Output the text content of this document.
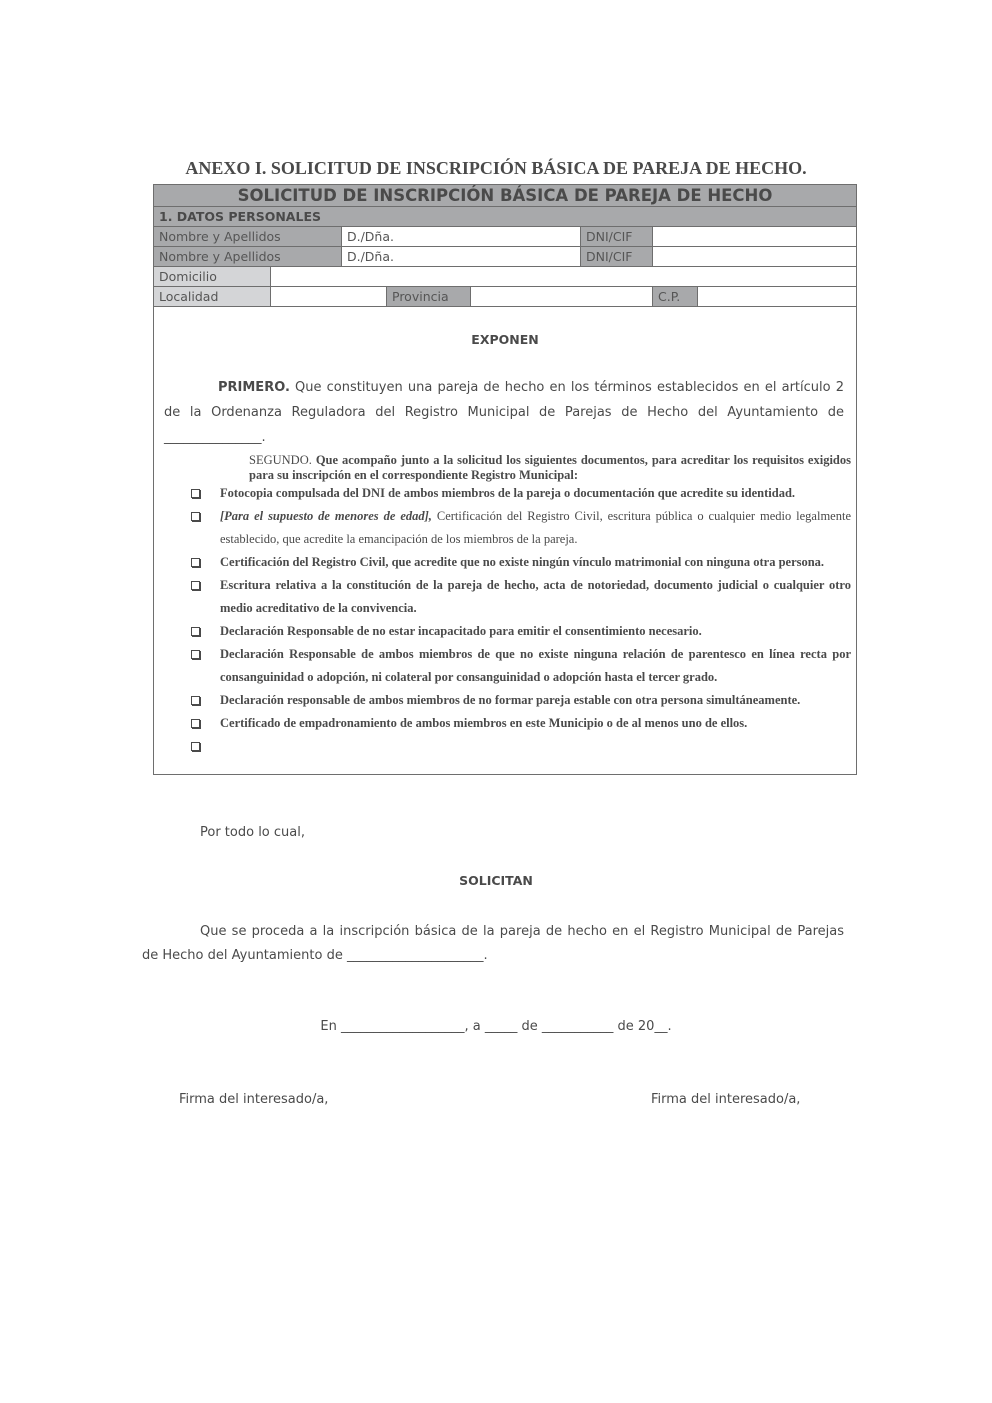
ANEXO I. SOLICITUD DE INSCRIPCIÓN BÁSICA DE PAREJA DE HECHO.
SOLICITUD DE INSCRIPCIÓN BÁSICA DE PAREJA DE HECHO
1. DATOS PERSONALES
Nombre y Apellidos	D./Dña.	DNI/CIF
Nombre y Apellidos	D./Dña.	DNI/CIF
Domicilio
Localidad	Provincia	C.P.
EXPONEN
PRIMERO. Que constituyen una pareja de hecho en los términos establecidos en el artículo 2 de la Ordenanza Reguladora del Registro Municipal de Parejas de Hecho del Ayuntamiento de _______________.
SEGUNDO. Que acompaño junto a la solicitud los siguientes documentos, para acreditar los requisitos exigidos para su inscripción en el correspondiente Registro Municipal:
Fotocopia compulsada del DNI de ambos miembros de la pareja o documentación que acredite su identidad.
[Para el supuesto de menores de edad], Certificación del Registro Civil, escritura pública o cualquier medio legalmente establecido, que acredite la emancipación de los miembros de la pareja.
Certificación del Registro Civil, que acredite que no existe ningún vínculo matrimonial con ninguna otra persona.
Escritura relativa a la constitución de la pareja de hecho, acta de notoriedad, documento judicial o cualquier otro medio acreditativo de la convivencia.
Declaración Responsable de no estar incapacitado para emitir el consentimiento necesario.
Declaración Responsable de ambos miembros de que no existe ninguna relación de parentesco en línea recta por consanguinidad o adopción, ni colateral por consanguinidad o adopción hasta el tercer grado.
Declaración responsable de ambos miembros de no formar pareja estable con otra persona simultáneamente.
Certificado de empadronamiento de ambos miembros en este Municipio o de al menos uno de ellos.
Por todo lo cual,
SOLICITAN
Que se proceda a la inscripción básica de la pareja de hecho en el Registro Municipal de Parejas de Hecho del Ayuntamiento de _____________________.
En ___________________, a _____ de ___________ de 20__.
Firma del interesado/a,	Firma del interesado/a,
